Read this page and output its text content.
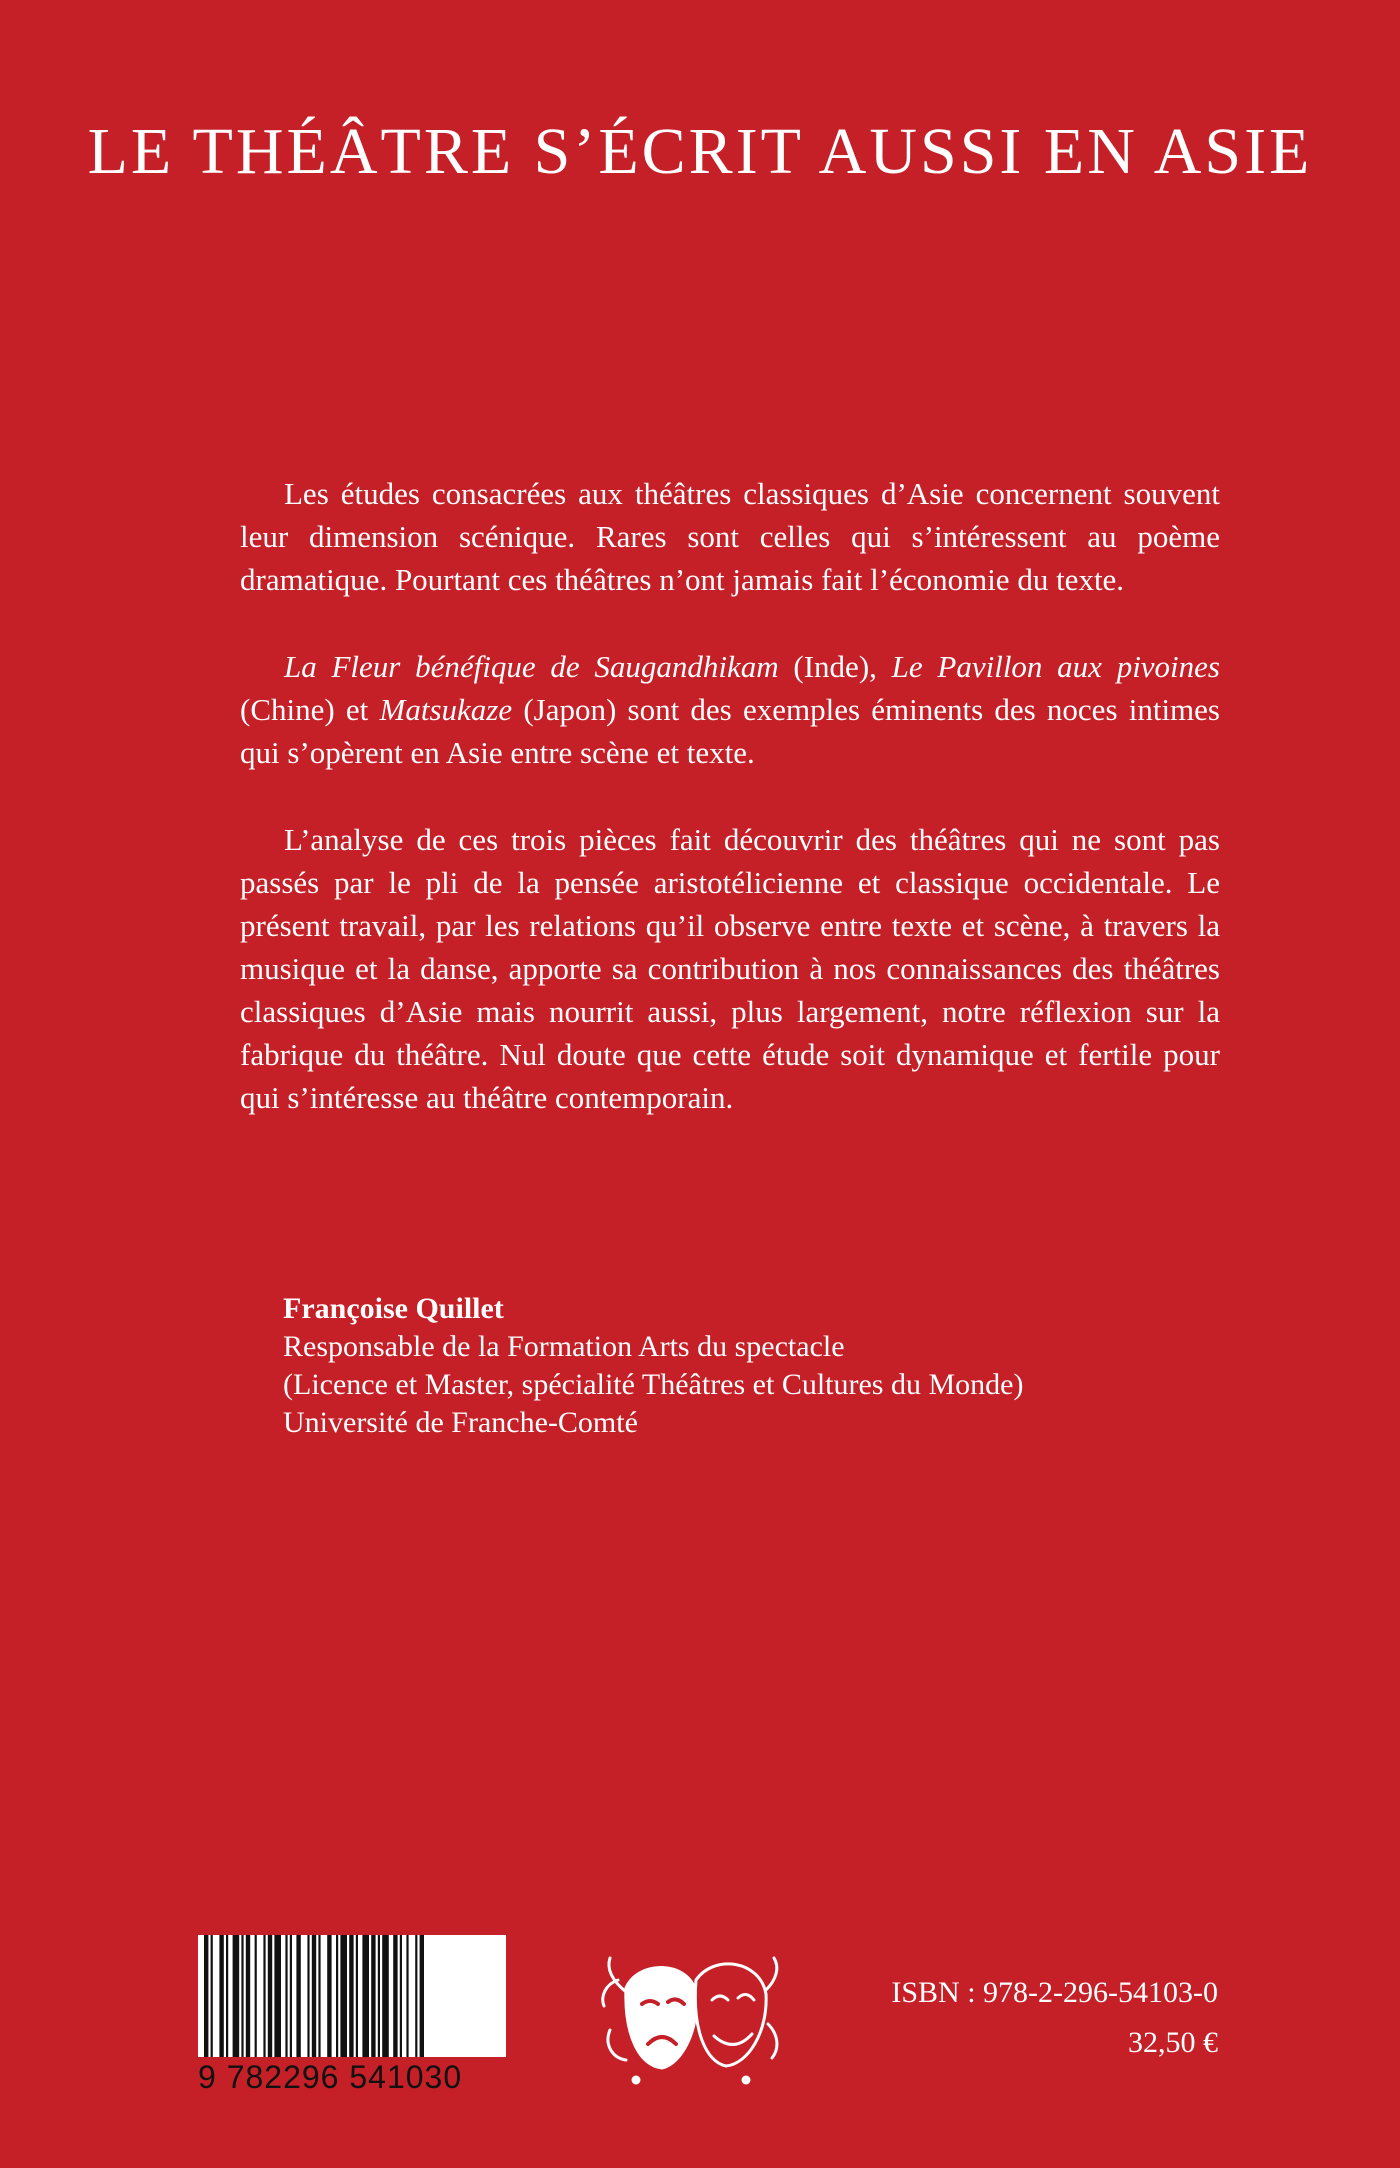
LE THÉÂTRE S’ÉCRIT AUSSI EN ASIE

Les études consacrées aux théâtres classiques d’Asie concernent souvent leur dimension scénique. Rares sont celles qui s’intéressent au poème dramatique. Pourtant ces théâtres n’ont jamais fait l’économie du texte.

La Fleur bénéfique de Saugandhikam (Inde), Le Pavillon aux pivoines (Chine) et Matsukaze (Japon) sont des exemples éminents des noces intimes qui s’opèrent en Asie entre scène et texte.

L’analyse de ces trois pièces fait découvrir des théâtres qui ne sont pas passés par le pli de la pensée aristotélicienne et classique occidentale. Le présent travail, par les relations qu’il observe entre texte et scène, à travers la musique et la danse, apporte sa contribution à nos connaissances des théâtres classiques d’Asie mais nourrit aussi, plus largement, notre réflexion sur la fabrique du théâtre. Nul doute que cette étude soit dynamique et fertile pour qui s’intéresse au théâtre contemporain.

Françoise Quillet
Responsable de la Formation Arts du spectacle
(Licence et Master, spécialité Théâtres et Cultures du Monde)
Université de Franche-Comté
9 782296 541030
ISBN : 978-2-296-54103-0
32,50 €
